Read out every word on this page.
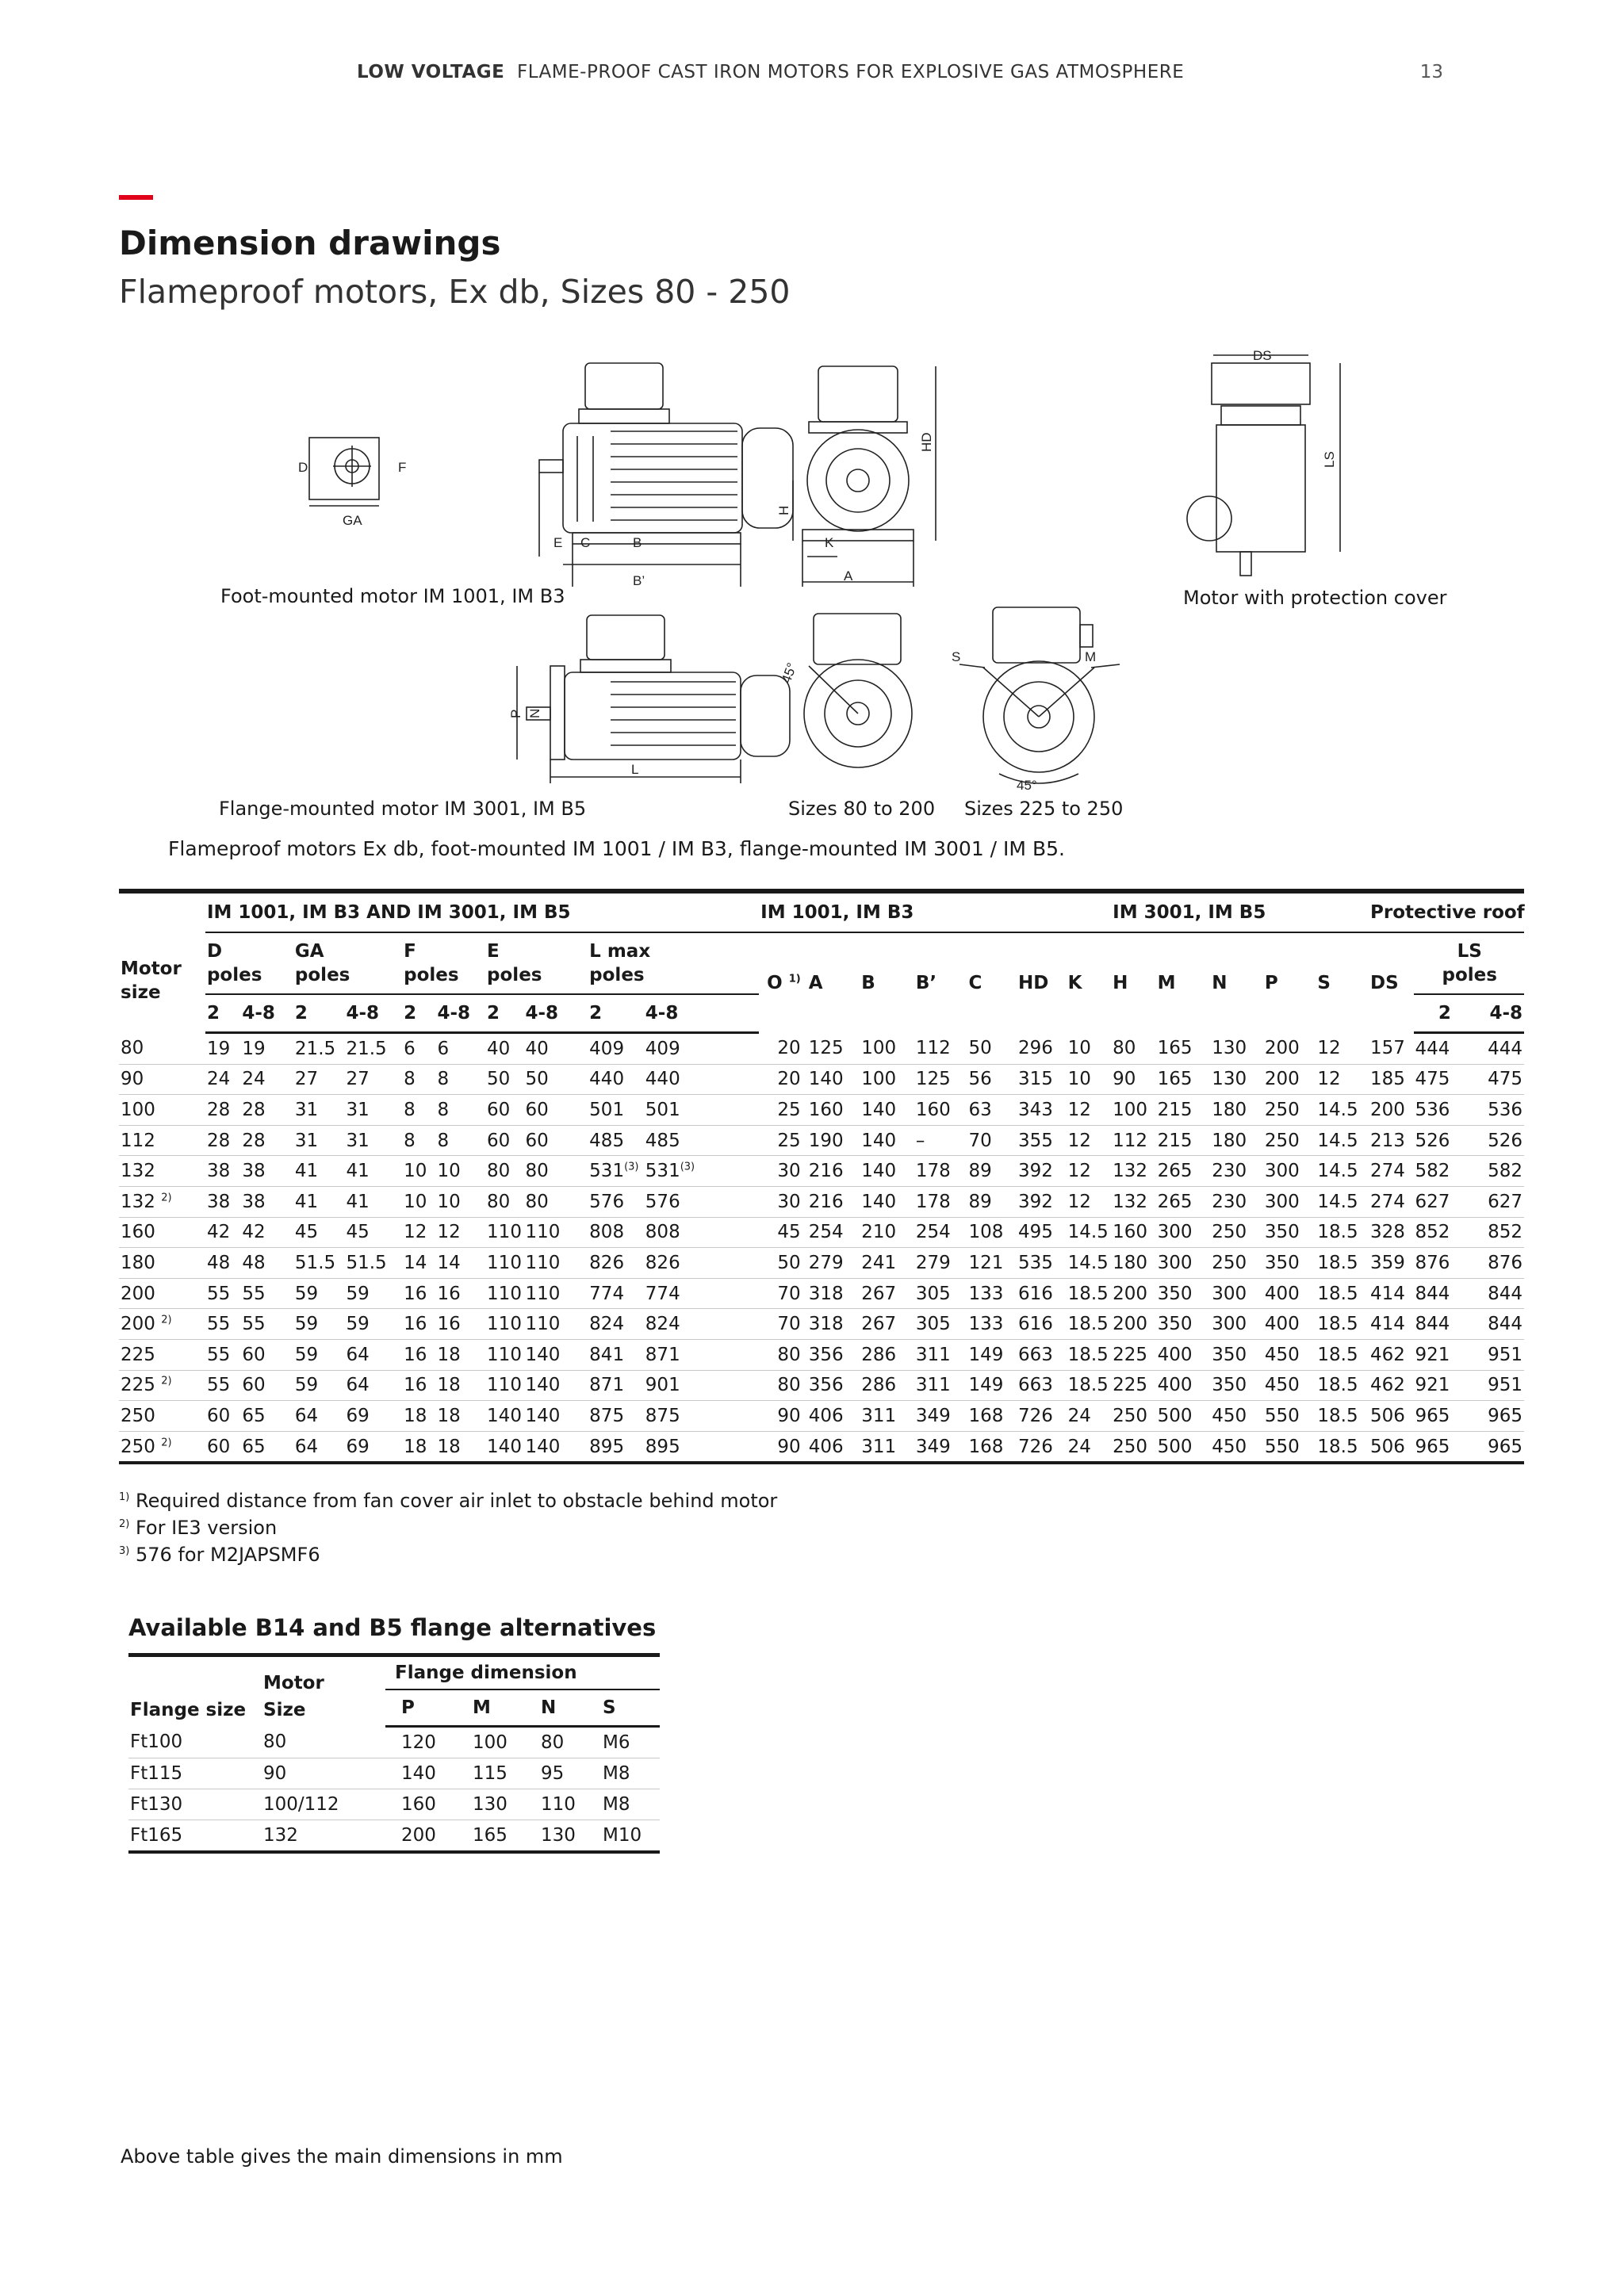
LOW VOLTAGE FLAME-PROOF CAST IRON MOTORS FOR EXPLOSIVE GAS ATMOSPHERE	13
Dimension drawings
Flameproof motors, Ex db, Sizes 80 - 250
D	F
GA
E C	B
B’
HD
H
K
A
DS
LS
P N
L
45°
S	M
45°
Foot-mounted motor IM 1001, IM B3	Motor with protection cover
Flange-mounted motor IM 3001, IM B5	Sizes 80 to 200 Sizes 225 to 250
Flameproof motors Ex db, foot-mounted IM 1001 / IM B3, flange-mounted IM 3001 / IM B5.
	IM 1001, IM B3 AND IM 3001, IM B5										IM 1001, IM B3							IM 3001, IM B5					Protective roof		
Motor
size	D
poles		GA
poles		F
poles		E
poles		L max
poles		O $^{1)}$	A	B	B’	C	HD	K	H	M	N	P	S	DS	LS
poles	
	2	4-8	2	4-8	2	4-8	2	4-8	2	4-8														2	4-8
80	19	19	21.5	21.5	6	6	40	40	409	409	20	125	100	112	50	296	10	80	165	130	200	12	157	444	444
90	24	24	27	27	8	8	50	50	440	440	20	140	100	125	56	315	10	90	165	130	200	12	185	475	475
100	28	28	31	31	8	8	60	60	501	501	25	160	140	160	63	343	12	100	215	180	250	14.5	200	536	536
112	28	28	31	31	8	8	60	60	485	485	25	190	140	–	70	355	12	112	215	180	250	14.5	213	526	526
132	38	38	41	41	10	10	80	80	531$^{(3)}$	531$^{(3)}$	30	216	140	178	89	392	12	132	265	230	300	14.5	274	582	582
132 $^{2)}$	38	38	41	41	10	10	80	80	576	576	30	216	140	178	89	392	12	132	265	230	300	14.5	274	627	627
160	42	42	45	45	12	12	110	110	808	808	45	254	210	254	108	495	14.5	160	300	250	350	18.5	328	852	852
180	48	48	51.5	51.5	14	14	110	110	826	826	50	279	241	279	121	535	14.5	180	300	250	350	18.5	359	876	876
200	55	55	59	59	16	16	110	110	774	774	70	318	267	305	133	616	18.5	200	350	300	400	18.5	414	844	844
200 $^{2)}$	55	55	59	59	16	16	110	110	824	824	70	318	267	305	133	616	18.5	200	350	300	400	18.5	414	844	844
225	55	60	59	64	16	18	110	140	841	871	80	356	286	311	149	663	18.5	225	400	350	450	18.5	462	921	951
225 $^{2)}$	55	60	59	64	16	18	110	140	871	901	80	356	286	311	149	663	18.5	225	400	350	450	18.5	462	921	951
250	60	65	64	69	18	18	140	140	875	875	90	406	311	349	168	726	24	250	500	450	550	18.5	506	965	965
250 $^{2)}$	60	65	64	69	18	18	140	140	895	895	90	406	311	349	168	726	24	250	500	450	550	18.5	506	965	965
$^{1)}$ Required distance from fan cover air inlet to obstacle behind motor
$^{2)}$ For IE3 version
$^{3)}$ 576 for M2JAPSMF6
Available B14 and B5 flange alternatives
Flange size	Motor
Size	Flange dimension			
		P	M	N	S
Ft100	80	120	100	80	M6
Ft115	90	140	115	95	M8
Ft130	100/112	160	130	110	M8
Ft165	132	200	165	130	M10
Above table gives the main dimensions in mm
